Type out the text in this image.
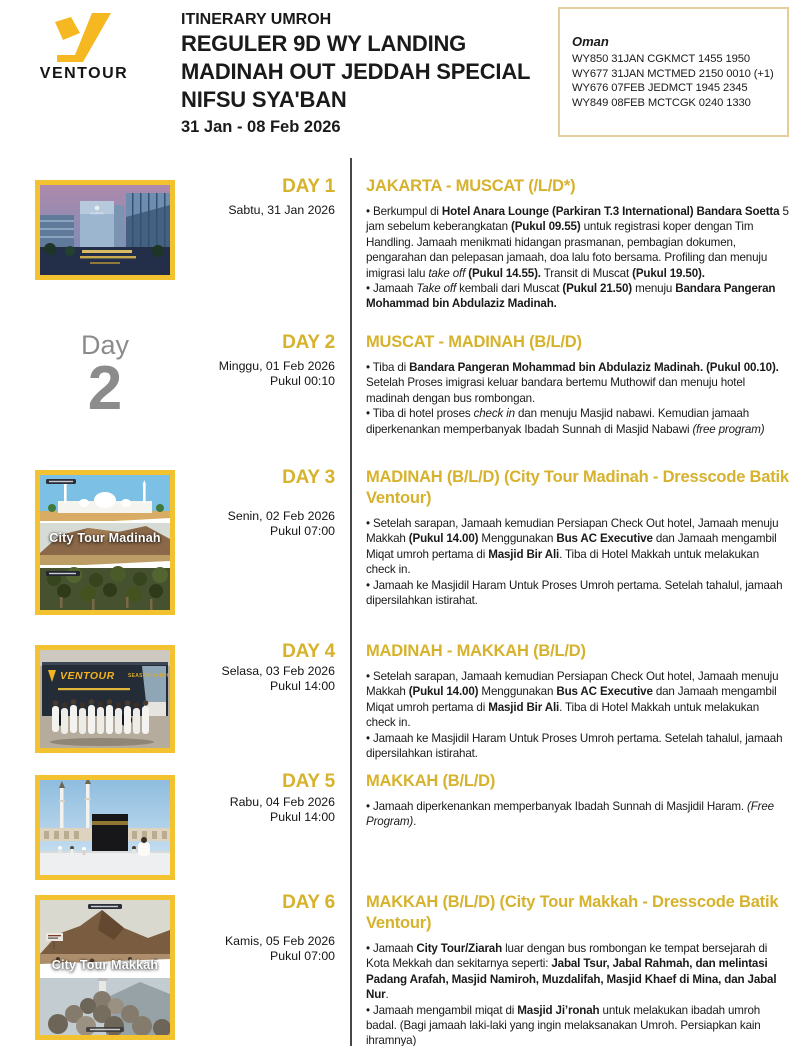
VENTOUR
ITINERARY UMROH
REGULER 9D WY LANDING
MADINAH OUT JEDDAH SPECIAL
NIFSU SYA'BAN
31 Jan - 08 Feb 2026
Oman
WY850 31JAN CGKMCT 1455 1950
WY677 31JAN MCTMED 2150 0010 (+1)
WY676 07FEB JEDMCT 1945 2345
WY849 08FEB MCTCGK 0240 1330
ANARA
DAY 1
Sabtu, 31 Jan 2026
JAKARTA - MUSCAT (/L/D*)

• Berkumpul di Hotel Anara Lounge (Parkiran T.3 International) Bandara Soetta 5 jam sebelum keberangkatan (Pukul 09.55) untuk registrasi koper dengan Tim Handling. Jamaah menikmati hidangan prasmanan, pembagian dokumen, pengarahan dan pelepasan jamaah, doa lalu foto bersama. Profiling dan menuju imigrasi lalu take off (Pukul 14.55). Transit di Muscat (Pukul 19.50).

• Jamaah Take off kembali dari Muscat (Pukul 21.50) menuju Bandara Pangeran Mohammad bin Abdulaziz Madinah.

Day
2
DAY 2
Minggu, 01 Feb 2026
Pukul 00:10
MUSCAT - MADINAH (B/L/D)

• Tiba di Bandara Pangeran Mohammad bin Abdulaziz Madinah. (Pukul 00.10). Setelah Proses imigrasi keluar bandara bertemu Muthowif dan menuju hotel madinah dengan bus rombongan.

• Tiba di hotel proses check in dan menuju Masjid nabawi. Kemudian jamaah diperkenankan memperbanyak Ibadah Sunnah di Masjid Nabawi (free program)

City Tour Madinah
DAY 3
Senin, 02 Feb 2026
Pukul 07:00
MADINAH (B/L/D) (City Tour Madinah - Dresscode Batik Ventour)

• Setelah sarapan, Jamaah kemudian Persiapan Check Out hotel, Jamaah menuju Makkah (Pukul 14.00) Menggunakan Bus AC Executive dan Jamaah mengambil Miqat umroh pertama di Masjid Bir Ali. Tiba di Hotel Makkah untuk melakukan check in.

• Jamaah ke Masjidil Haram Untuk Proses Umroh pertama. Setelah tahalul, jamaah dipersilahkan istirahat.

VENTOUR	SEASON 1446H
DAY 4
Selasa, 03 Feb 2026
Pukul 14:00
MADINAH - MAKKAH (B/L/D)

• Setelah sarapan, Jamaah kemudian Persiapan Check Out hotel, Jamaah menuju Makkah (Pukul 14.00) Menggunakan Bus AC Executive dan Jamaah mengambil Miqat umroh pertama di Masjid Bir Ali. Tiba di Hotel Makkah untuk melakukan check in.

• Jamaah ke Masjidil Haram Untuk Proses Umroh pertama. Setelah tahalul, jamaah dipersilahkan istirahat.

DAY 5
Rabu, 04 Feb 2026
Pukul 14:00
MAKKAH (B/L/D)

• Jamaah diperkenankan memperbanyak Ibadah Sunnah di Masjidil Haram. (Free Program).

City Tour Makkah
DAY 6
Kamis, 05 Feb 2026
Pukul 07:00
MAKKAH (B/L/D) (City Tour Makkah - Dresscode Batik Ventour)

• Jamaah City Tour/Ziarah luar dengan bus rombongan ke tempat bersejarah di Kota Mekkah dan sekitarnya seperti: Jabal Tsur, Jabal Rahmah, dan melintasi Padang Arafah, Masjid Namiroh, Muzdalifah, Masjid Khaef di Mina, dan Jabal Nur.

• Jamaah mengambil miqat di Masjid Ji’ronah untuk melakukan ibadah umroh badal. (Bagi jamaah laki-laki yang ingin melaksanakan Umroh. Persiapkan kain ihramnya)
